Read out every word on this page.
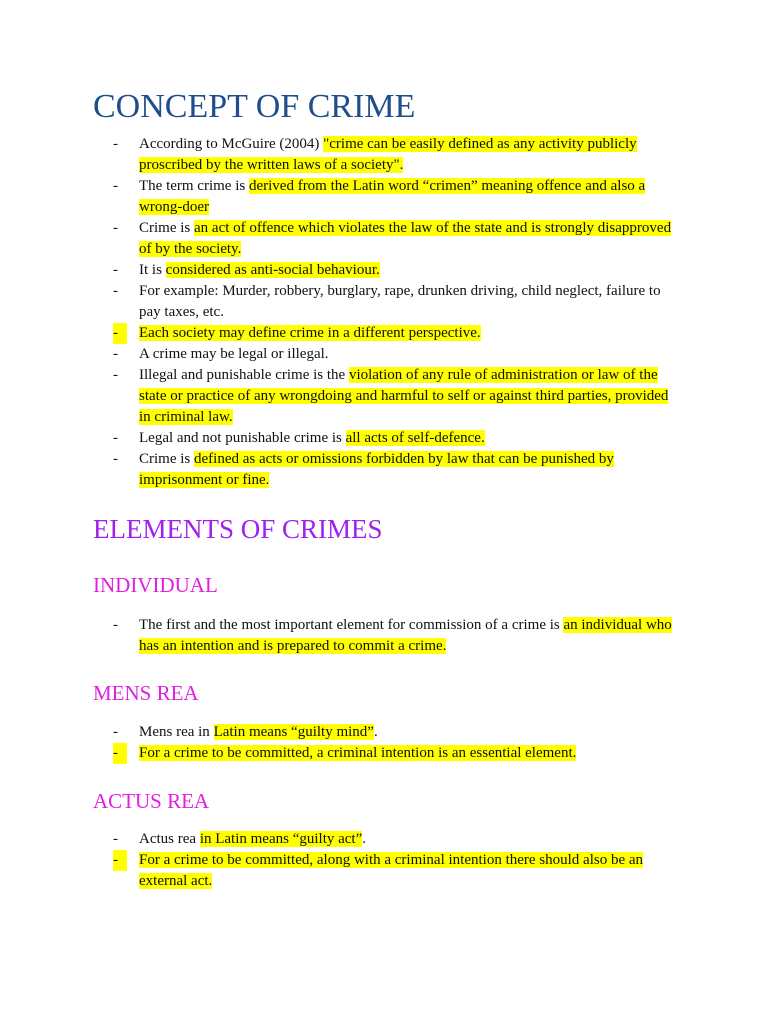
CONCEPT OF CRIME
-	According to McGuire (2004) "crime can be easily defined as any activity publicly proscribed by the written laws of a society".
-	The term crime is derived from the Latin word “crimen” meaning offence and also a wrong-doer
-	Crime is an act of offence which violates the law of the state and is strongly disapproved of by the society.
-	It is considered as anti-social behaviour.
-	For example: Murder, robbery, burglary, rape, drunken driving, child neglect, failure to pay taxes, etc.
-	Each society may define crime in a different perspective.
-	A crime may be legal or illegal.
-	Illegal and punishable crime is the violation of any rule of administration or law of the state or practice of any wrongdoing and harmful to self or against third parties, provided in criminal law.
-	Legal and not punishable crime is all acts of self-defence.
-	Crime is defined as acts or omissions forbidden by law that can be punished by imprisonment or fine.
ELEMENTS OF CRIMES
INDIVIDUAL
-	The first and the most important element for commission of a crime is an individual who has an intention and is prepared to commit a crime.
MENS REA
-	Mens rea in Latin means “guilty mind”.
-	For a crime to be committed, a criminal intention is an essential element.
ACTUS REA
-	Actus rea in Latin means “guilty act”.
-	For a crime to be committed, along with a criminal intention there should also be an external act.
